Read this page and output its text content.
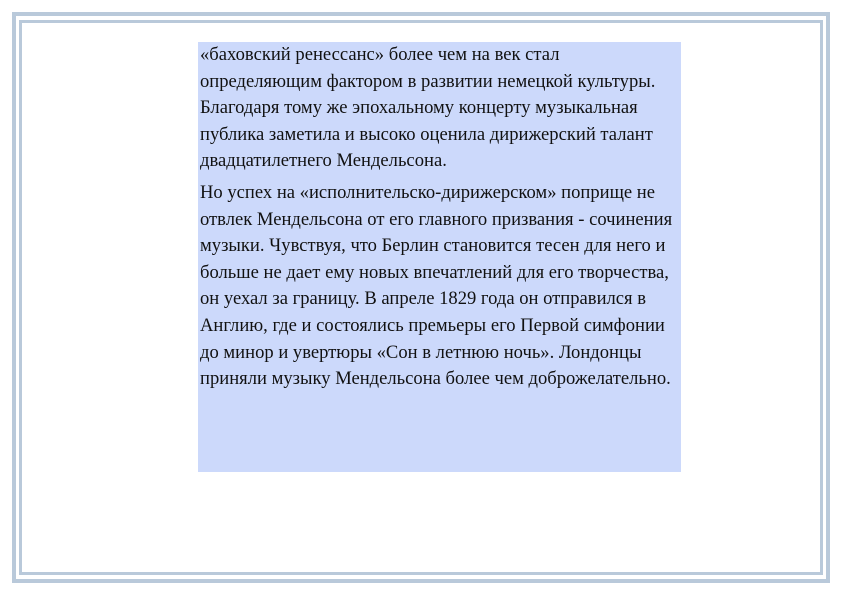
«баховский ренессанс» более чем на век стал определяющим фактором в развитии немецкой культуры. Благодаря тому же эпохальному концерту музыкальная публика заметила и высоко оценила дирижерский талант двадцатилетнего Мендельсона.

Но успех на «исполнительско-дирижерском» поприще не отвлек Мендельсона от его главного призвания - сочинения музыки. Чувствуя, что Берлин становится тесен для него и больше не дает ему новых впечатлений для его творчества, он уехал за границу. В апреле 1829 года он отправился в Англию, где и состоялись премьеры его Первой симфонии до минор и увертюры «Сон в летнюю ночь». Лондонцы приняли музыку Мендельсона более чем доброжелательно.
